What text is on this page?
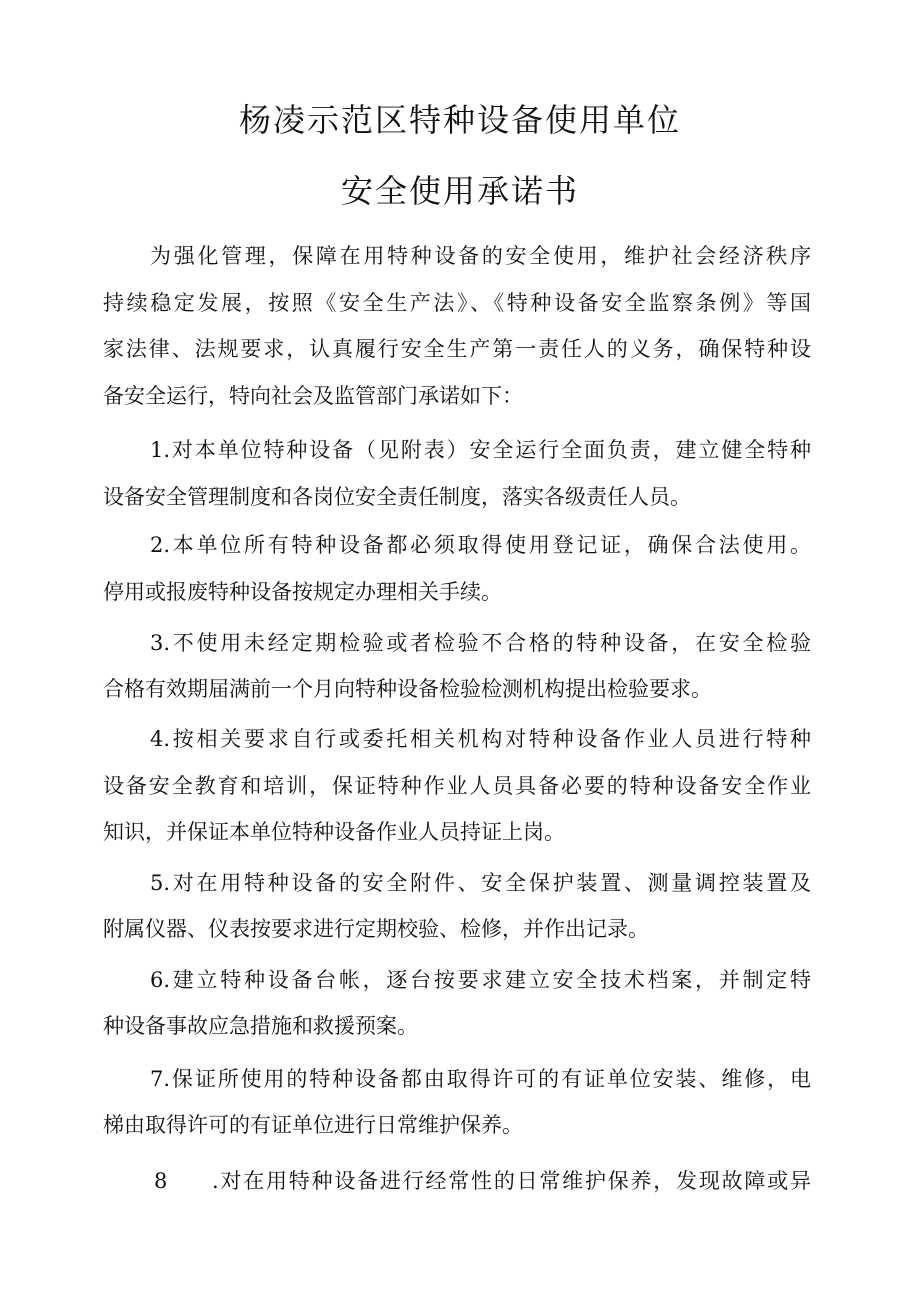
杨凌示范区特种设备使用单位
安全使用承诺书
为强化管理，保障在用特种设备的安全使用，维护社会经济秩序
持续稳定发展，按照《安全生产法》、《特种设备安全监察条例》等国
家法律、法规要求，认真履行安全生产第一责任人的义务，确保特种设
备安全运行，特向社会及监管部门承诺如下：
1.对本单位特种设备（见附表）安全运行全面负责，建立健全特种
设备安全管理制度和各岗位安全责任制度，落实各级责任人员。
2.本单位所有特种设备都必须取得使用登记证，确保合法使用。
停用或报废特种设备按规定办理相关手续。
3.不使用未经定期检验或者检验不合格的特种设备，在安全检验
合格有效期届满前一个月向特种设备检验检测机构提出检验要求。
4.按相关要求自行或委托相关机构对特种设备作业人员进行特种
设备安全教育和培训，保证特种作业人员具备必要的特种设备安全作业
知识，并保证本单位特种设备作业人员持证上岗。
5.对在用特种设备的安全附件、安全保护装置、测量调控装置及
附属仪器、仪表按要求进行定期校验、检修，并作出记录。
6.建立特种设备台帐，逐台按要求建立安全技术档案，并制定特
种设备事故应急措施和救援预案。
7.保证所使用的特种设备都由取得许可的有证单位安装、维修，电
梯由取得许可的有证单位进行日常维护保养。
8 .对在用特种设备进行经常性的日常维护保养，发现故障或异
